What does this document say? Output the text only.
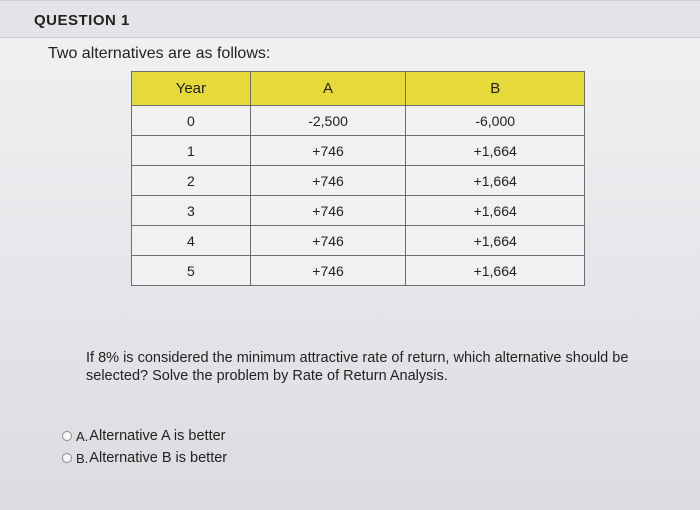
QUESTION 1
Two alternatives are as follows:
Year	A	B
0	-2,500	-6,000
1	+746	+1,664
2	+746	+1,664
3	+746	+1,664
4	+746	+1,664
5	+746	+1,664
If 8% is considered the minimum attractive rate of return, which alternative should be selected? Solve the problem by Rate of Return Analysis.
A. Alternative A is better
B. Alternative B is better
